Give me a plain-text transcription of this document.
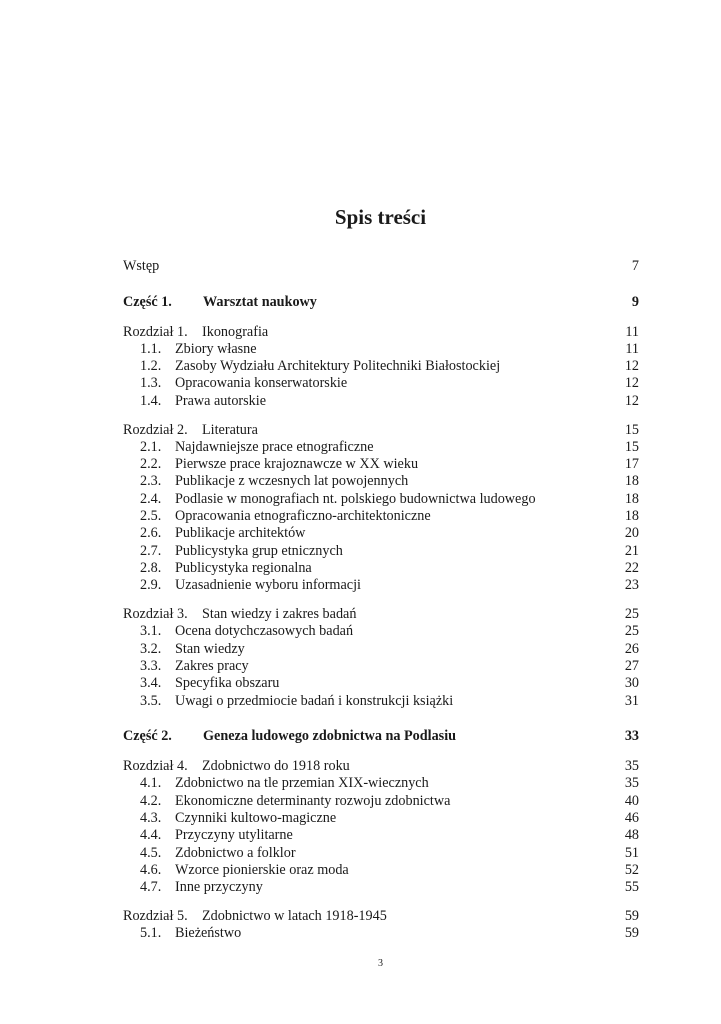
Spis treści
Wstęp	7
Część 1.	Warsztat naukowy	9
Rozdział 1.	Ikonografia	11
1.1. Zbiory własne	11
1.2. Zasoby Wydziału Architektury Politechniki Białostockiej	12
1.3. Opracowania konserwatorskie	12
1.4. Prawa autorskie	12
Rozdział 2.	Literatura	15
2.1. Najdawniejsze prace etnograficzne	15
2.2. Pierwsze prace krajoznawcze w XX wieku	17
2.3. Publikacje z wczesnych lat powojennych	18
2.4. Podlasie w monografiach nt. polskiego budownictwa ludowego	18
2.5. Opracowania etnograficzno-architektoniczne	18
2.6. Publikacje architektów	20
2.7. Publicystyka grup etnicznych	21
2.8. Publicystyka regionalna	22
2.9. Uzasadnienie wyboru informacji	23
Rozdział 3.	Stan wiedzy i zakres badań	25
3.1. Ocena dotychczasowych badań	25
3.2. Stan wiedzy	26
3.3. Zakres pracy	27
3.4. Specyfika obszaru	30
3.5. Uwagi o przedmiocie badań i konstrukcji książki	31
Część 2.	Geneza ludowego zdobnictwa na Podlasiu	33
Rozdział 4.	Zdobnictwo do 1918 roku	35
4.1. Zdobnictwo na tle przemian XIX-wiecznych	35
4.2. Ekonomiczne determinanty rozwoju zdobnictwa	40
4.3. Czynniki kultowo-magiczne	46
4.4. Przyczyny utylitarne	48
4.5. Zdobnictwo a folklor	51
4.6. Wzorce pionierskie oraz moda	52
4.7. Inne przyczyny	55
Rozdział 5.	Zdobnictwo w latach 1918-1945	59
5.1. Bieżeństwo	59
3
